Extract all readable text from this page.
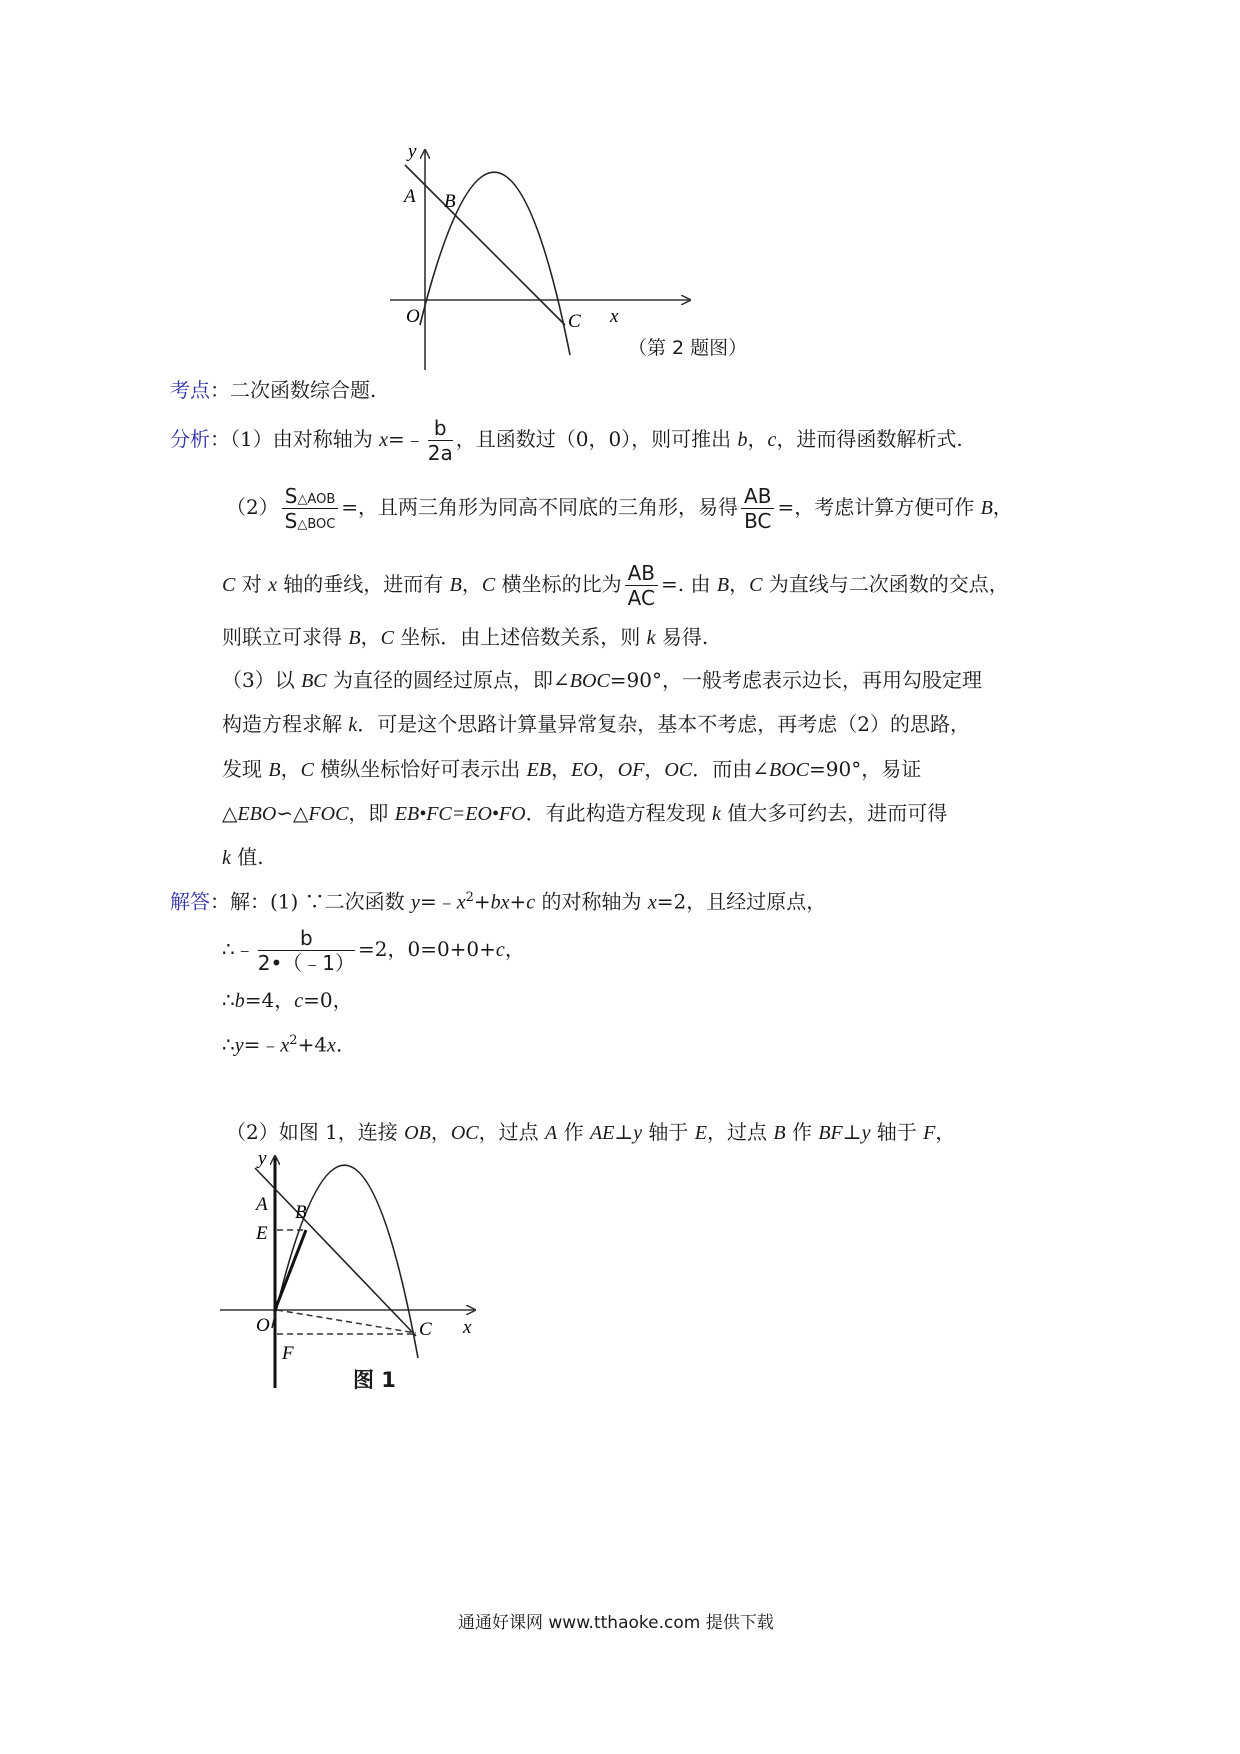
y
A B
O	C x
（第 2 题图）
考点：二次函数综合题.
分析：（1）由对称轴为 x=﹣ $\frac{b}{2a}$ ，且函数过（0，0），则可推出 b，c，进而得函数解析式.
$(2) \frac{\text{S△AOB}}{\text{S△BOC}}$ =，且两三角形为同高不同底的三角形，易得 $\frac{AB}{BC}$ =，考虑计算方便可作 B，
C 对 x 轴的垂线，进而有 B，C 横坐标的比为 $\frac{AB}{AC}$ =. 由 B，C 为直线与二次函数的交点，
则联立可求得 B，C 坐标．由上述倍数关系，则 k 易得.
（3）以 BC 为直径的圆经过原点，即∠BOC=90°，一般考虑表示边长，再用勾股定理
构造方程求解 k．可是这个思路计算量异常复杂，基本不考虑，再考虑（2）的思路，
发现 B，C 横纵坐标恰好可表示出 EB，EO，OF，OC．而由∠BOC=90°，易证
△EBO∽△FOC，即 EB•FC=EO•FO．有此构造方程发现 k 值大多可约去，进而可得
k 值.
解答：解：(1) ∵二次函数 $y=﹣x^2+bx+c$ 的对称轴为 x=2，且经过原点，
∴﹣ $\frac{b}{2•(﹣1)} =2$，0=0+0+c，
∴b=4，c=0，
$\therefore y=﹣x^2+4x$.
（2）如图 1，连接 OB，OC，过点 A 作 AE⊥y 轴于 E，过点 B 作 BF⊥y 轴于 F，
y
A B
E
O	C x
F
图 1
通通好课网 www.tthaoke.com 提供下载
